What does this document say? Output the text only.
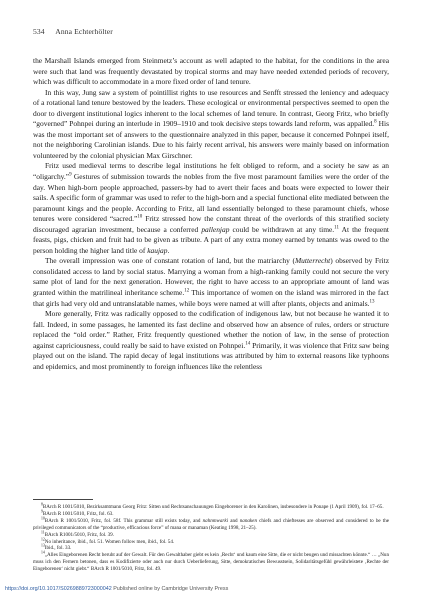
534 Anna Echterhölter

the Marshall Islands emerged from Steinmetz’s account as well adapted to the habitat, for the conditions in the area were such that land was frequently devastated by tropical storms and may have needed extended periods of recovery, which was difficult to accommodate in a more fixed order of land tenure.

In this way, Jung saw a system of pointillist rights to use resources and Senfft stressed the leniency and adequacy of a rotational land tenure bestowed by the leaders. These ecological or environmental perspectives seemed to open the door to divergent institutional logics inherent to the local schemes of land tenure. In contrast, Georg Fritz, who briefly “governed” Pohnpei during an interlude in 1909–1910 and took decisive steps towards land reform, was appalled.$^8$ His was the most important set of answers to the questionnaire analyzed in this paper, because it concerned Pohnpei itself, not the neighboring Carolinian islands. Due to his fairly recent arrival, his answers were mainly based on information volunteered by the colonial physician Max Girschner.

Fritz used medieval terms to describe legal institutions he felt obliged to reform, and a society he saw as an “oligarchy.”$^9$ Gestures of submission towards the nobles from the five most paramount families were the order of the day. When high-born people approached, passers-by had to avert their faces and boats were expected to lower their sails. A specific form of grammar was used to refer to the high-born and a special functional elite mediated between the paramount kings and the people. According to Fritz, all land essentially belonged to these paramount chiefs, whose tenures were considered “sacred.”$^{10}$ Fritz stressed how the constant threat of the overlords of this stratified society discouraged agrarian investment, because a conferred pallenjap could be withdrawn at any time.$^{11}$ At the frequent feasts, pigs, chicken and fruit had to be given as tribute. A part of any extra money earned by tenants was owed to the person holding the higher land title of kaujap.

The overall impression was one of constant rotation of land, but the matriarchy (Mutterrecht) observed by Fritz consolidated access to land by social status. Marrying a woman from a high-ranking family could not secure the very same plot of land for the next generation. However, the right to have access to an appropriate amount of land was granted within the matrilineal inheritance scheme.$^{12}$ This importance of women on the island was mirrored in the fact that girls had very old and untranslatable names, while boys were named at will after plants, objects and animals.$^{13}$

More generally, Fritz was radically opposed to the codification of indigenous law, but not because he wanted it to fall. Indeed, in some passages, he lamented its fast decline and observed how an absence of rules, orders or structure replaced the “old order.” Rather, Fritz frequently questioned whether the notion of law, in the sense of protection against capriciousness, could really be said to have existed on Pohnpei.$^{14}$ Primarily, it was violence that Fritz saw being played out on the island. The rapid decay of legal institutions was attributed by him to external reasons like typhoons and epidemics, and most prominently to foreign influences like the relentless

$^8$BArch R 1001/5010, Bezirksamtmann Georg Fritz: Sitten und Rechtsanschauungen Eingeborener in den Karolinen, insbesondere in Ponape (1 April 1909), fol. 17–65.

$^9$BArch R 1001/5010, Fritz, fol. 63.

$^{10}$BArch R 1001/5010, Fritz, fol. 58f. This grammar still exists today, and nahnmwarki and nanaken chiefs and chieftesses are observed and considered to be the privileged communicators of the “productive, efficacious force” of mana or manaman (Keating 1998, 21–25).

$^{11}$BArch R1001/5010, Fritz, fol. 39.

$^{12}$No inheritance, ibid., fol. 51. Women follow men, ibid., fol. 54.

$^{13}$Ibid., fol. 33.

$^{14}$„Alles Eingeborenen Recht beruht auf der Gewalt. Für den Gewalthaber giebt es kein ‚Recht‘ und kaum eine Sitte, die er nicht beugen und missachten könnte.“ … „Nun muss ich den Fernern betonen, dass es Kodifizierte oder auch nur durch Ueberlieferung, Sitte, demokratisches Bewusstsein, Solidaritätsgefühl gewährleistete ‚Rechte der Eingeborenen‘ nicht giebt.“ BArch R 1001/5010, Fritz, fol. 49.

https://doi.org/10.1017/S0269889723000042 Published online by Cambridge University Press
